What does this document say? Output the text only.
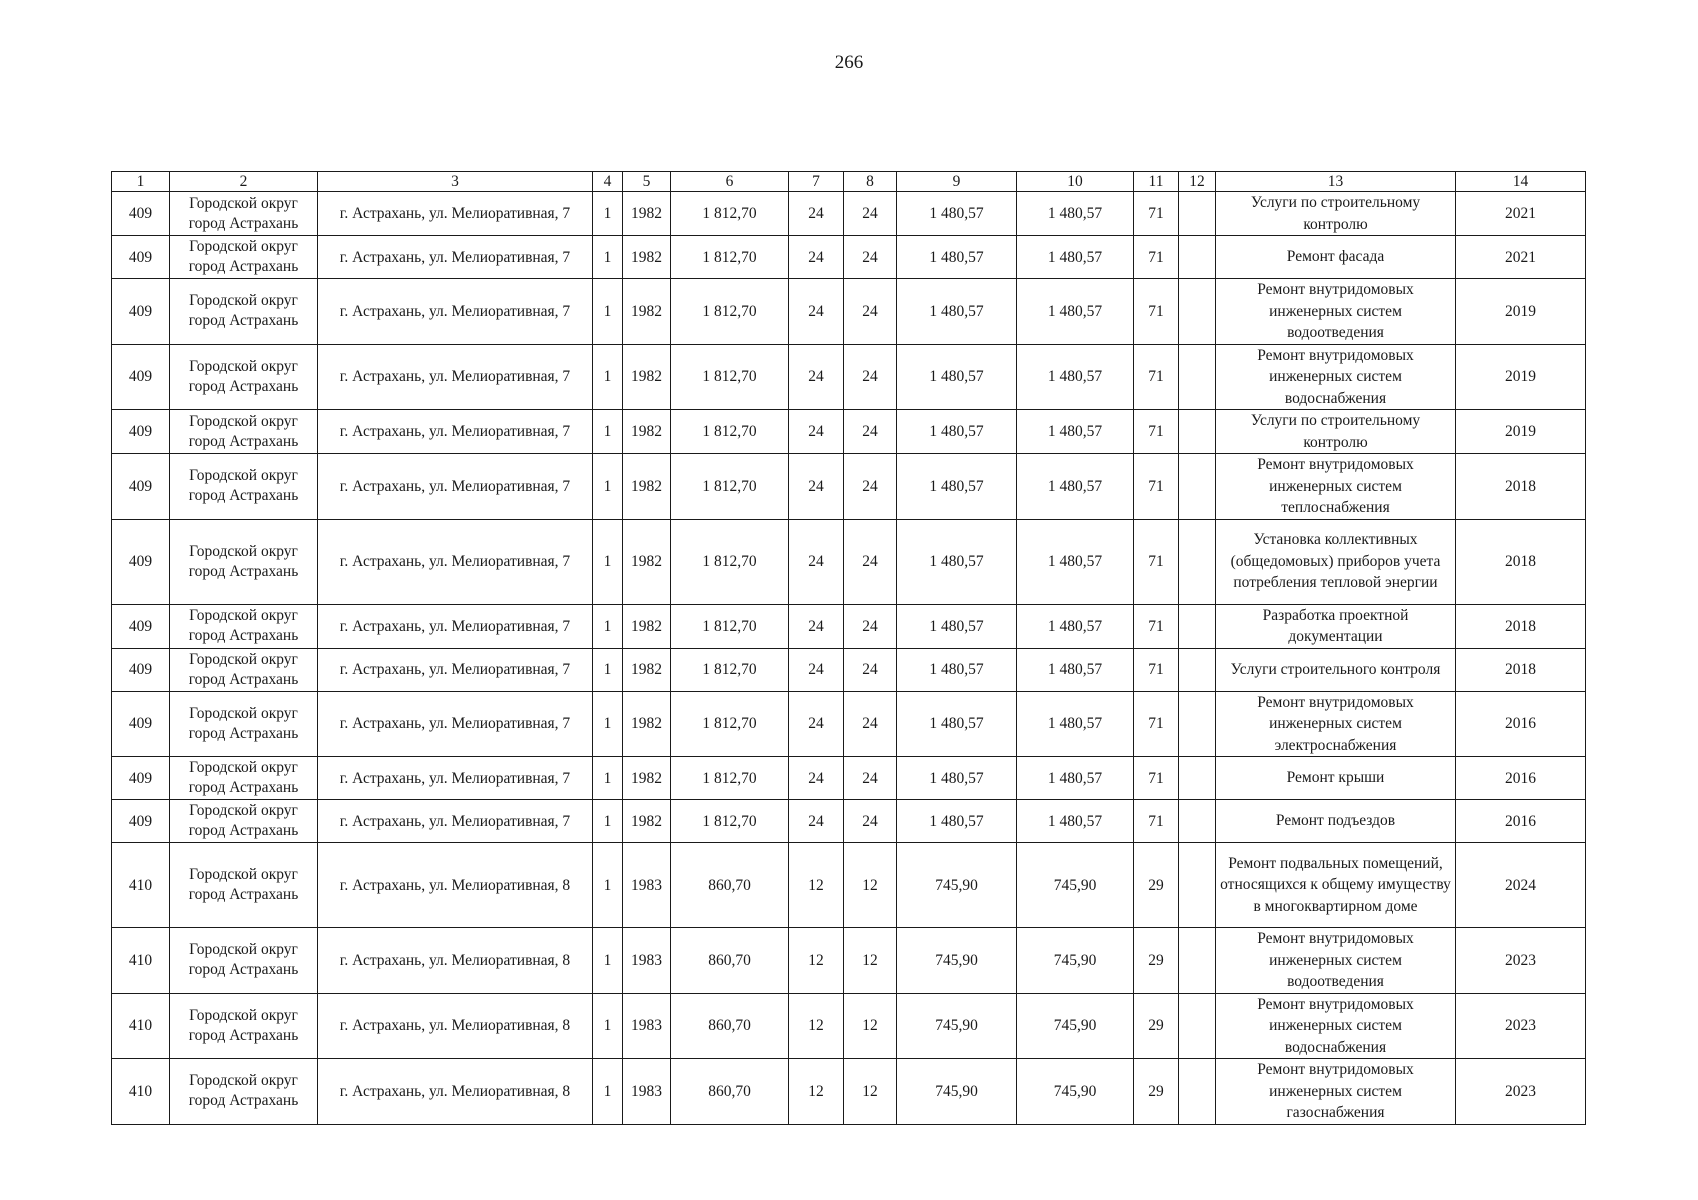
266
1	2	3	4	5	6	7	8	9	10	11	12	13	14
409	Городской округ город Астрахань	г. Астрахань, ул. Мелиоративная, 7	1	1982	1 812,70	24	24	1 480,57	1 480,57	71		Услуги по строительному контролю	2021
409	Городской округ город Астрахань	г. Астрахань, ул. Мелиоративная, 7	1	1982	1 812,70	24	24	1 480,57	1 480,57	71		Ремонт фасада	2021
409	Городской округ город Астрахань	г. Астрахань, ул. Мелиоративная, 7	1	1982	1 812,70	24	24	1 480,57	1 480,57	71		Ремонт внутридомовых инженерных систем водоотведения	2019
409	Городской округ город Астрахань	г. Астрахань, ул. Мелиоративная, 7	1	1982	1 812,70	24	24	1 480,57	1 480,57	71		Ремонт внутридомовых инженерных систем водоснабжения	2019
409	Городской округ город Астрахань	г. Астрахань, ул. Мелиоративная, 7	1	1982	1 812,70	24	24	1 480,57	1 480,57	71		Услуги по строительному контролю	2019
409	Городской округ город Астрахань	г. Астрахань, ул. Мелиоративная, 7	1	1982	1 812,70	24	24	1 480,57	1 480,57	71		Ремонт внутридомовых инженерных систем теплоснабжения	2018
409	Городской округ город Астрахань	г. Астрахань, ул. Мелиоративная, 7	1	1982	1 812,70	24	24	1 480,57	1 480,57	71		Установка коллективных (общедомовых) приборов учета потребления тепловой энергии	2018
409	Городской округ город Астрахань	г. Астрахань, ул. Мелиоративная, 7	1	1982	1 812,70	24	24	1 480,57	1 480,57	71		Разработка проектной документации	2018
409	Городской округ город Астрахань	г. Астрахань, ул. Мелиоративная, 7	1	1982	1 812,70	24	24	1 480,57	1 480,57	71		Услуги строительного контроля	2018
409	Городской округ город Астрахань	г. Астрахань, ул. Мелиоративная, 7	1	1982	1 812,70	24	24	1 480,57	1 480,57	71		Ремонт внутридомовых инженерных систем электроснабжения	2016
409	Городской округ город Астрахань	г. Астрахань, ул. Мелиоративная, 7	1	1982	1 812,70	24	24	1 480,57	1 480,57	71		Ремонт крыши	2016
409	Городской округ город Астрахань	г. Астрахань, ул. Мелиоративная, 7	1	1982	1 812,70	24	24	1 480,57	1 480,57	71		Ремонт подъездов	2016
410	Городской округ город Астрахань	г. Астрахань, ул. Мелиоративная, 8	1	1983	860,70	12	12	745,90	745,90	29		Ремонт подвальных помещений, относящихся к общему имуществу в многоквартирном доме	2024
410	Городской округ город Астрахань	г. Астрахань, ул. Мелиоративная, 8	1	1983	860,70	12	12	745,90	745,90	29		Ремонт внутридомовых инженерных систем водоотведения	2023
410	Городской округ город Астрахань	г. Астрахань, ул. Мелиоративная, 8	1	1983	860,70	12	12	745,90	745,90	29		Ремонт внутридомовых инженерных систем водоснабжения	2023
410	Городской округ город Астрахань	г. Астрахань, ул. Мелиоративная, 8	1	1983	860,70	12	12	745,90	745,90	29		Ремонт внутридомовых инженерных систем газоснабжения	2023
